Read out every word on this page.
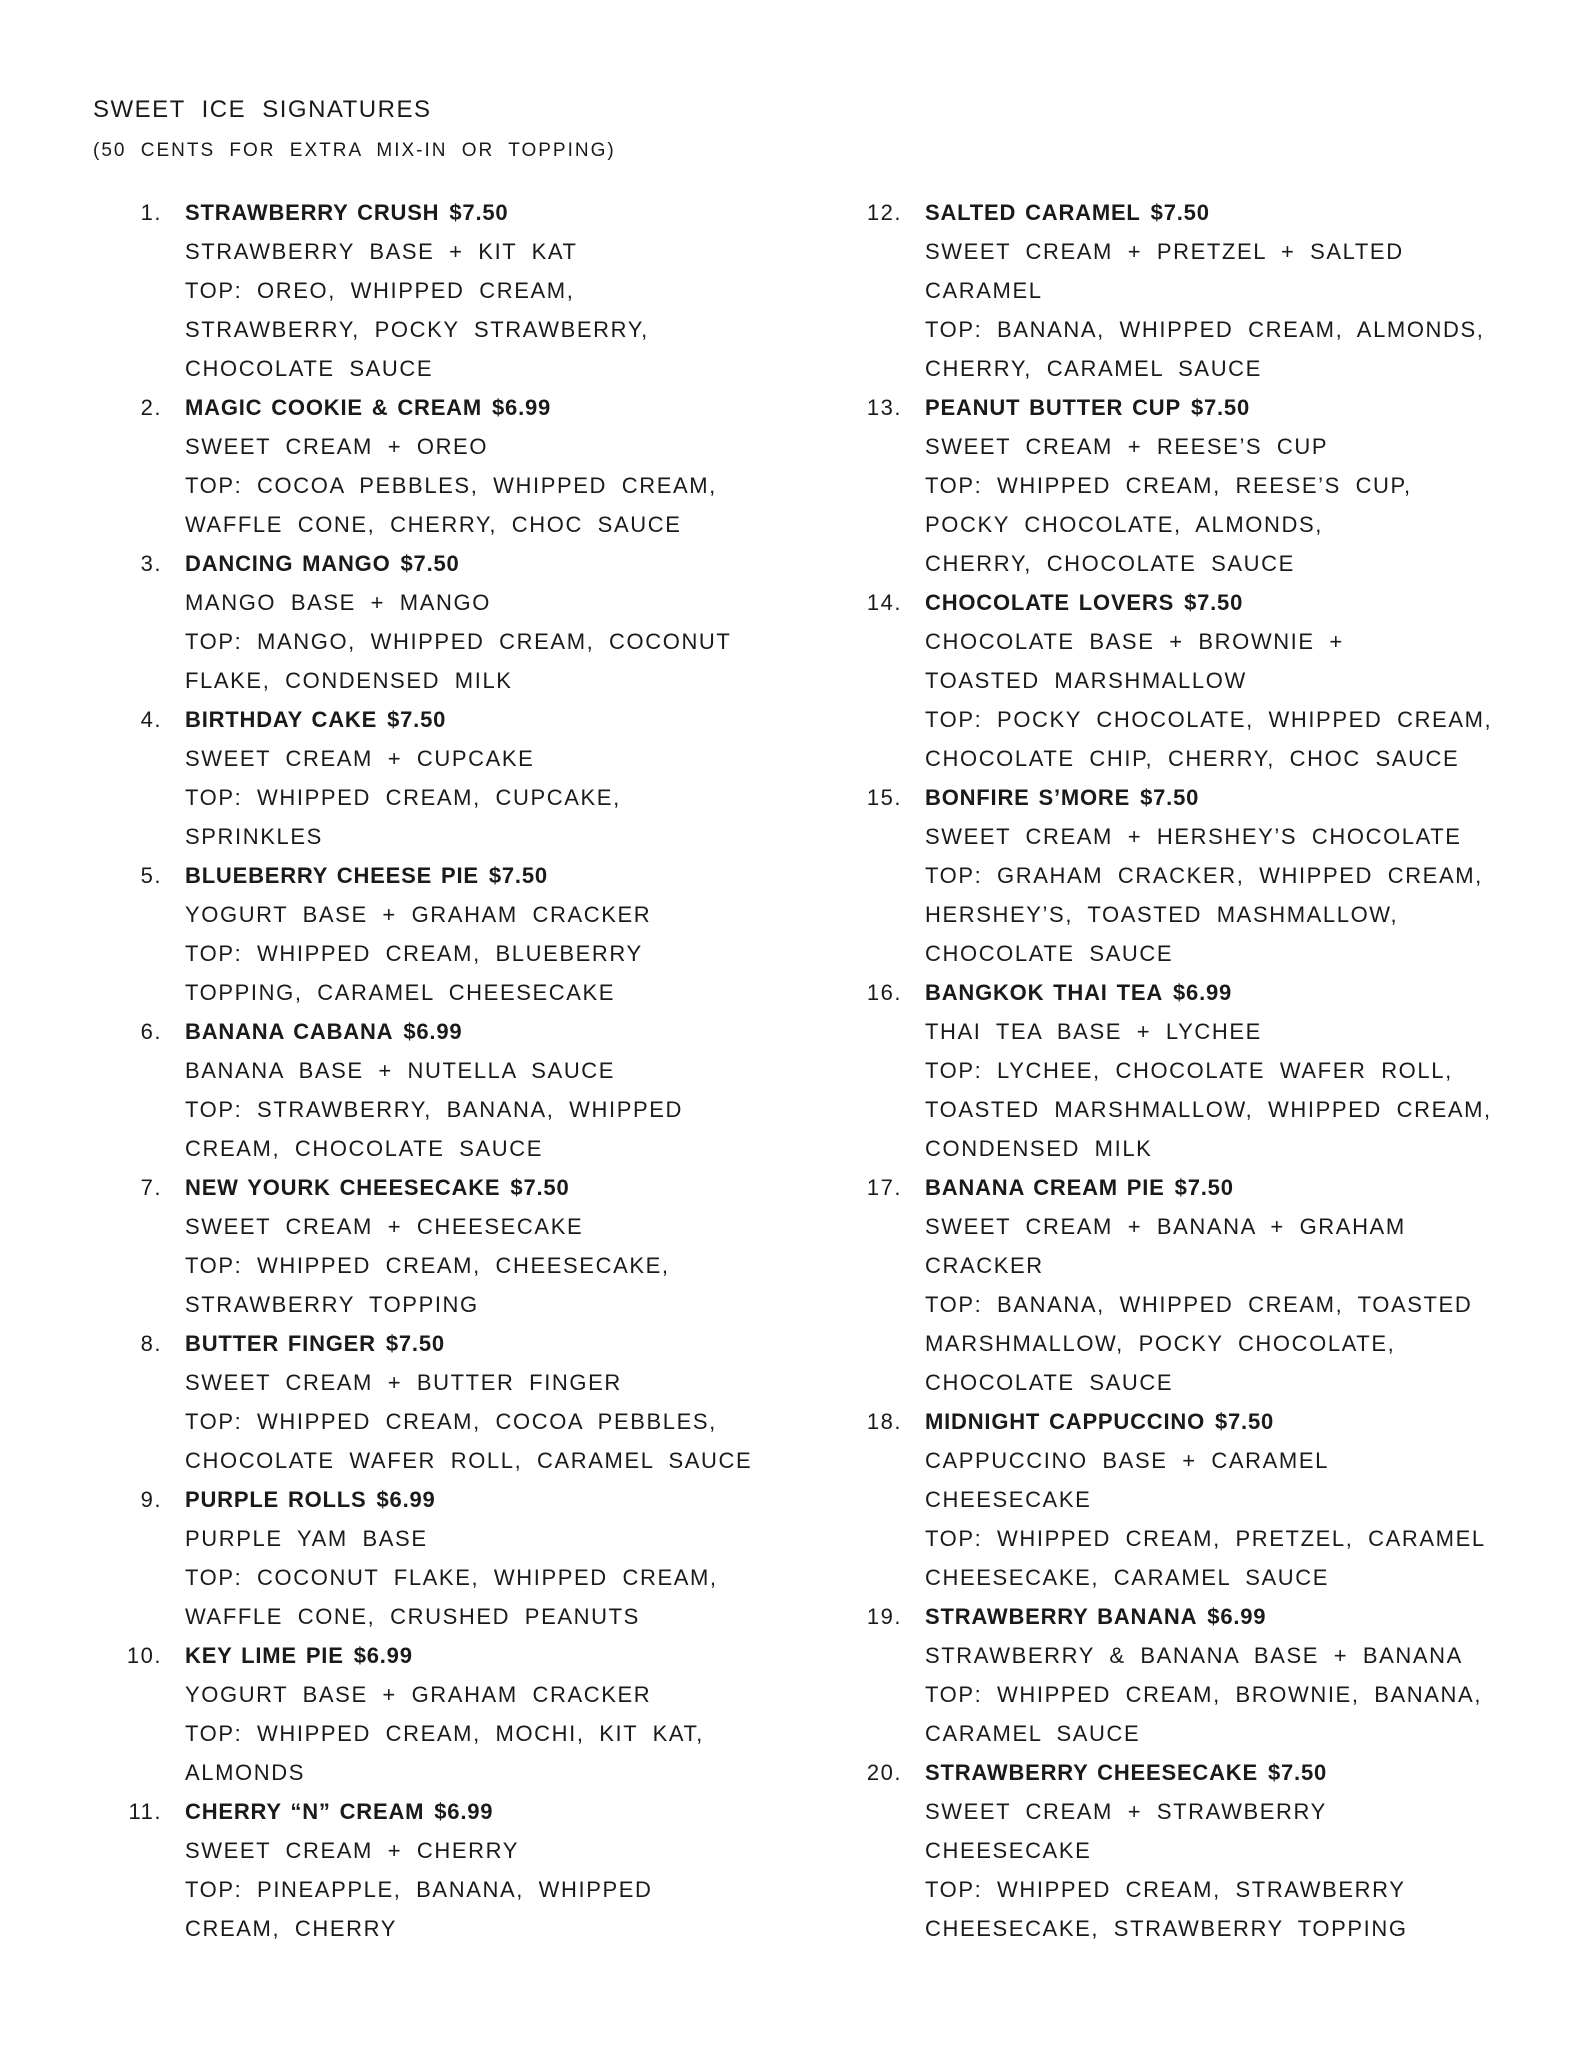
SWEET ICE SIGNATURES

(50 CENTS FOR EXTRA MIX-IN OR TOPPING)

1. STRAWBERRY CRUSH $7.50
STRAWBERRY BASE + KIT KAT
TOP: OREO, WHIPPED CREAM,
STRAWBERRY, POCKY STRAWBERRY,
CHOCOLATE SAUCE
2. MAGIC COOKIE & CREAM $6.99
SWEET CREAM + OREO
TOP: COCOA PEBBLES, WHIPPED CREAM,
WAFFLE CONE, CHERRY, CHOC SAUCE
3. DANCING MANGO $7.50
MANGO BASE + MANGO
TOP: MANGO, WHIPPED CREAM, COCONUT
FLAKE, CONDENSED MILK
4. BIRTHDAY CAKE $7.50
SWEET CREAM + CUPCAKE
TOP: WHIPPED CREAM, CUPCAKE,
SPRINKLES
5. BLUEBERRY CHEESE PIE $7.50
YOGURT BASE + GRAHAM CRACKER
TOP: WHIPPED CREAM, BLUEBERRY
TOPPING, CARAMEL CHEESECAKE
6. BANANA CABANA $6.99
BANANA BASE + NUTELLA SAUCE
TOP: STRAWBERRY, BANANA, WHIPPED
CREAM, CHOCOLATE SAUCE
7. NEW YOURK CHEESECAKE $7.50
SWEET CREAM + CHEESECAKE
TOP: WHIPPED CREAM, CHEESECAKE,
STRAWBERRY TOPPING
8. BUTTER FINGER $7.50
SWEET CREAM + BUTTER FINGER
TOP: WHIPPED CREAM, COCOA PEBBLES,
CHOCOLATE WAFER ROLL, CARAMEL SAUCE
9. PURPLE ROLLS $6.99
PURPLE YAM BASE
TOP: COCONUT FLAKE, WHIPPED CREAM,
WAFFLE CONE, CRUSHED PEANUTS
10. KEY LIME PIE $6.99
YOGURT BASE + GRAHAM CRACKER
TOP: WHIPPED CREAM, MOCHI, KIT KAT,
ALMONDS
11. CHERRY “N” CREAM $6.99
SWEET CREAM + CHERRY
TOP: PINEAPPLE, BANANA, WHIPPED
CREAM, CHERRY
12. SALTED CARAMEL $7.50
SWEET CREAM + PRETZEL + SALTED
CARAMEL
TOP: BANANA, WHIPPED CREAM, ALMONDS,
CHERRY, CARAMEL SAUCE
13. PEANUT BUTTER CUP $7.50
SWEET CREAM + REESE’S CUP
TOP: WHIPPED CREAM, REESE’S CUP,
POCKY CHOCOLATE, ALMONDS,
CHERRY, CHOCOLATE SAUCE
14. CHOCOLATE LOVERS $7.50
CHOCOLATE BASE + BROWNIE +
TOASTED MARSHMALLOW
TOP: POCKY CHOCOLATE, WHIPPED CREAM,
CHOCOLATE CHIP, CHERRY, CHOC SAUCE
15. BONFIRE S’MORE $7.50
SWEET CREAM + HERSHEY’S CHOCOLATE
TOP: GRAHAM CRACKER, WHIPPED CREAM,
HERSHEY’S, TOASTED MASHMALLOW,
CHOCOLATE SAUCE
16. BANGKOK THAI TEA $6.99
THAI TEA BASE + LYCHEE
TOP: LYCHEE, CHOCOLATE WAFER ROLL,
TOASTED MARSHMALLOW, WHIPPED CREAM,
CONDENSED MILK
17. BANANA CREAM PIE $7.50
SWEET CREAM + BANANA + GRAHAM
CRACKER
TOP: BANANA, WHIPPED CREAM, TOASTED
MARSHMALLOW, POCKY CHOCOLATE,
CHOCOLATE SAUCE
18. MIDNIGHT CAPPUCCINO $7.50
CAPPUCCINO BASE + CARAMEL
CHEESECAKE
TOP: WHIPPED CREAM, PRETZEL, CARAMEL
CHEESECAKE, CARAMEL SAUCE
19. STRAWBERRY BANANA $6.99
STRAWBERRY & BANANA BASE + BANANA
TOP: WHIPPED CREAM, BROWNIE, BANANA,
CARAMEL SAUCE
20. STRAWBERRY CHEESECAKE $7.50
SWEET CREAM + STRAWBERRY
CHEESECAKE
TOP: WHIPPED CREAM, STRAWBERRY
CHEESECAKE, STRAWBERRY TOPPING
